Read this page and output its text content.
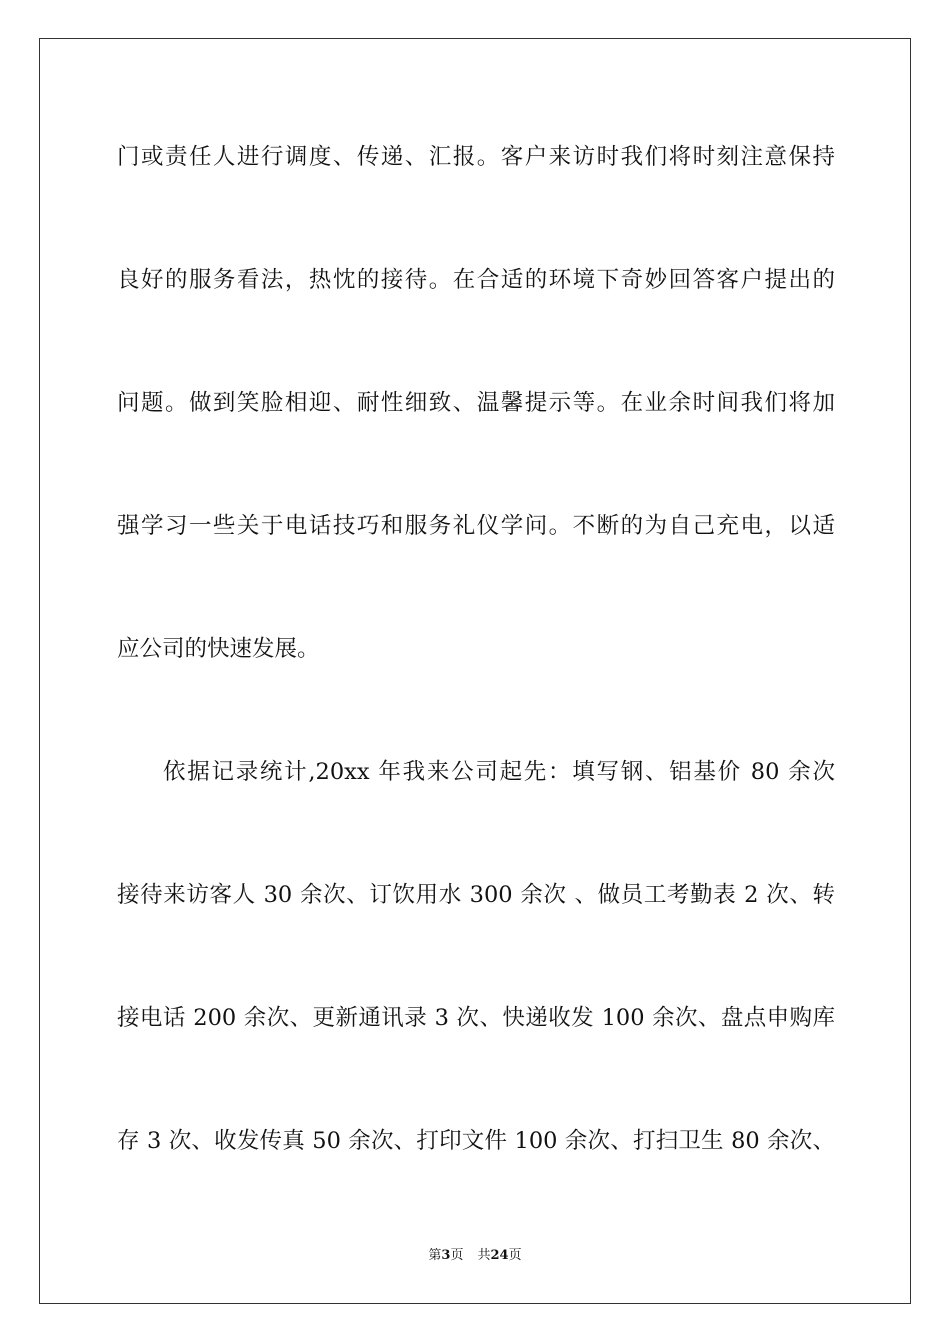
门或责任人进行调度、传递、汇报。客户来访时我们将时刻注意保持
良好的服务看法，热忱的接待。在合适的环境下奇妙回答客户提出的
问题。做到笑脸相迎、耐性细致、温馨提示等。在业余时间我们将加
强学习一些关于电话技巧和服务礼仪学问。不断的为自己充电，以适
应公司的快速发展。
依据记录统计,20xx 年我来公司起先：填写钢、铝基价 80 余次
接待来访客人 30 余次、订饮用水 300 余次 、做员工考勤表 2 次、转
接电话 200 余次、更新通讯录 3 次、快递收发 100 余次、盘点申购库
存 3 次、收发传真 50 余次、打印文件 100 余次、打扫卫生 80 余次、
第3页 共24页
